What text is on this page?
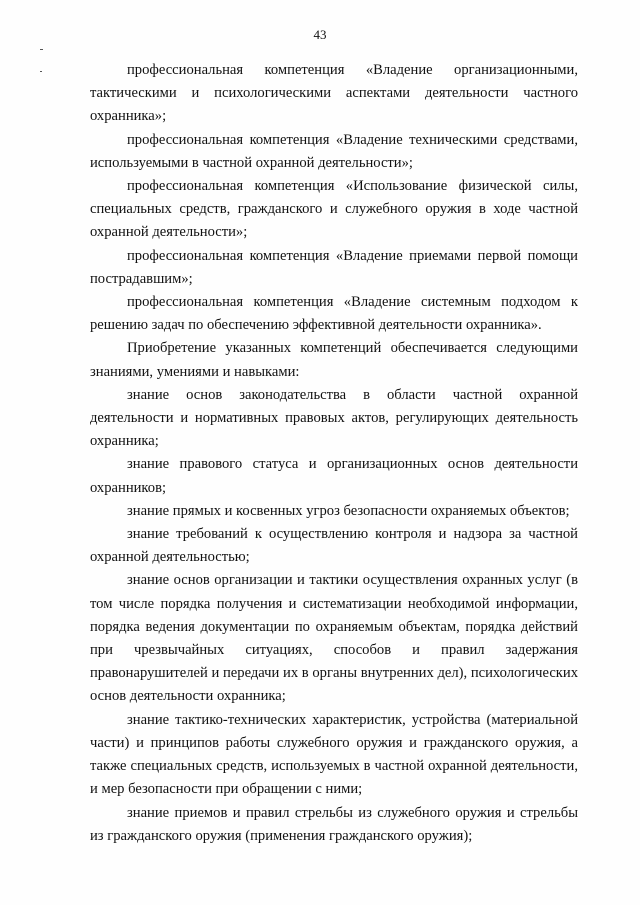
43

профессиональная компетенция «Владение организационными, тактическими и психологическими аспектами деятельности частного охранника»;

профессиональная компетенция «Владение техническими средствами, используемыми в частной охранной деятельности»;

профессиональная компетенция «Использование физической силы, специальных средств, гражданского и служебного оружия в ходе частной охранной деятельности»;

профессиональная компетенция «Владение приемами первой помощи пострадавшим»;

профессиональная компетенция «Владение системным подходом к решению задач по обеспечению эффективной деятельности охранника».

Приобретение указанных компетенций обеспечивается следующими знаниями, умениями и навыками:

знание основ законодательства в области частной охранной деятельности и нормативных правовых актов, регулирующих деятельность охранника;

знание правового статуса и организационных основ деятельности охранников;

знание прямых и косвенных угроз безопасности охраняемых объектов;

знание требований к осуществлению контроля и надзора за частной охранной деятельностью;

знание основ организации и тактики осуществления охранных услуг (в том числе порядка получения и систематизации необходимой информации, порядка ведения документации по охраняемым объектам, порядка действий при чрезвычайных ситуациях, способов и правил задержания правонарушителей и передачи их в органы внутренних дел), психологических основ деятельности охранника;

знание тактико-технических характеристик, устройства (материальной части) и принципов работы служебного оружия и гражданского оружия, а также специальных средств, используемых в частной охранной деятельности, и мер безопасности при обращении с ними;

знание приемов и правил стрельбы из служебного оружия и стрельбы из гражданского оружия (применения гражданского оружия);
